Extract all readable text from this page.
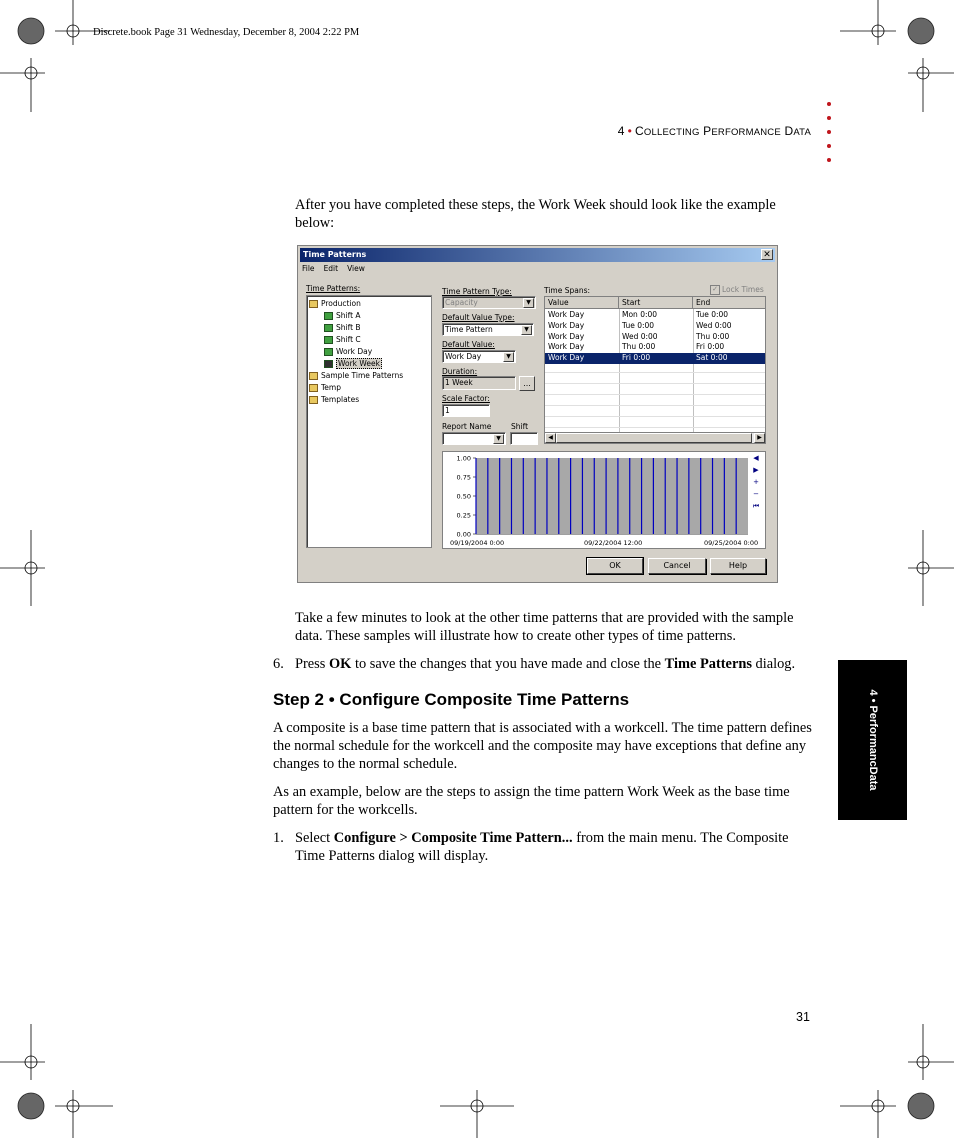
Discrete.book Page 31 Wednesday, December 8, 2004 2:22 PM
4 • COLLECTING PERFORMANCE DATA
4 • PerformancData
After you have completed these steps, the Work Week should look like the example below:
Time Patterns	✕
File Edit View
Time Patterns:
Production
Shift A
Shift B
Shift C
Work Day
Work Week
Sample Time Patterns
Temp
Templates
Time Pattern Type:
Capacity	▼
Default Value Type:
Time Pattern	▼
Default Value:
Work Day	▼
Duration:
1 Week	...
Scale Factor:
1
Report Name	Shift
▼
Time Spans:	✓ Lock Times
Value	Start	End
Work Day	Mon 0:00	Tue 0:00
Work Day	Tue 0:00	Wed 0:00
Work Day	Wed 0:00	Thu 0:00
Work Day	Thu 0:00	Fri 0:00
Work Day	Fri 0:00	Sat 0:00
◀	▶
1.00
0.75
0.50
0.25
0.00
09/19/2004 0:00	09/22/2004 12:00	09/25/2004 0:00
◀
▶
+
−
⏮
OK	Cancel	Help
Take a few minutes to look at the other time patterns that are provided with the sample data. These samples will illustrate how to create other types of time patterns.
6. Press OK to save the changes that you have made and close the Time Patterns dialog.
Step 2 • Configure Composite Time Patterns
A composite is a base time pattern that is associated with a workcell. The time pattern defines the normal schedule for the workcell and the composite may have exceptions that define any changes to the normal schedule.
As an example, below are the steps to assign the time pattern Work Week as the base time pattern for the workcells.
1. Select Configure > Composite Time Pattern... from the main menu. The Composite Time Patterns dialog will display.
31
